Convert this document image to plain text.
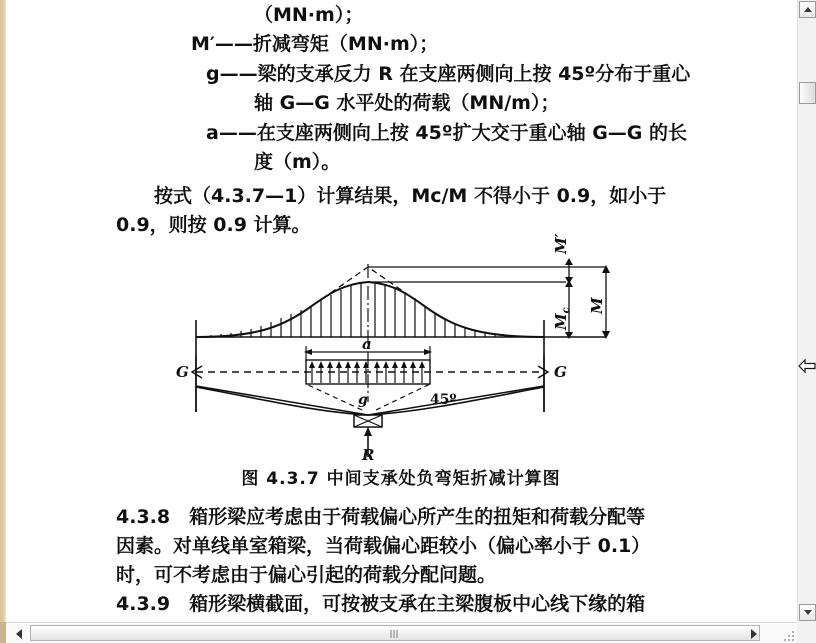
（MN·m）；
M′——折减弯矩（MN·m）；
g——梁的支承反力 R 在支座两侧向上按 45º分布于重心
轴 G—G 水平处的荷载（MN/m）；
a——在支座两侧向上按 45º扩大交于重心轴 G—G 的长
度（m）。
按式（4.3.7—1）计算结果，Mc/M 不得小于 0.9，如小于
0.9，则按 0.9 计算。
G	G
a
g	45º
R
M′
$M_c$ M
图 4.3.7 中间支承处负弯矩折减计算图
4.3.8　箱形梁应考虑由于荷载偏心所产生的扭矩和荷载分配等
因素。对单线单室箱梁，当荷载偏心距较小（偏心率小于 0.1）
时，可不考虑由于偏心引起的荷载分配问题。
4.3.9　箱形梁横截面，可按被支承在主梁腹板中心线下缘的箱
